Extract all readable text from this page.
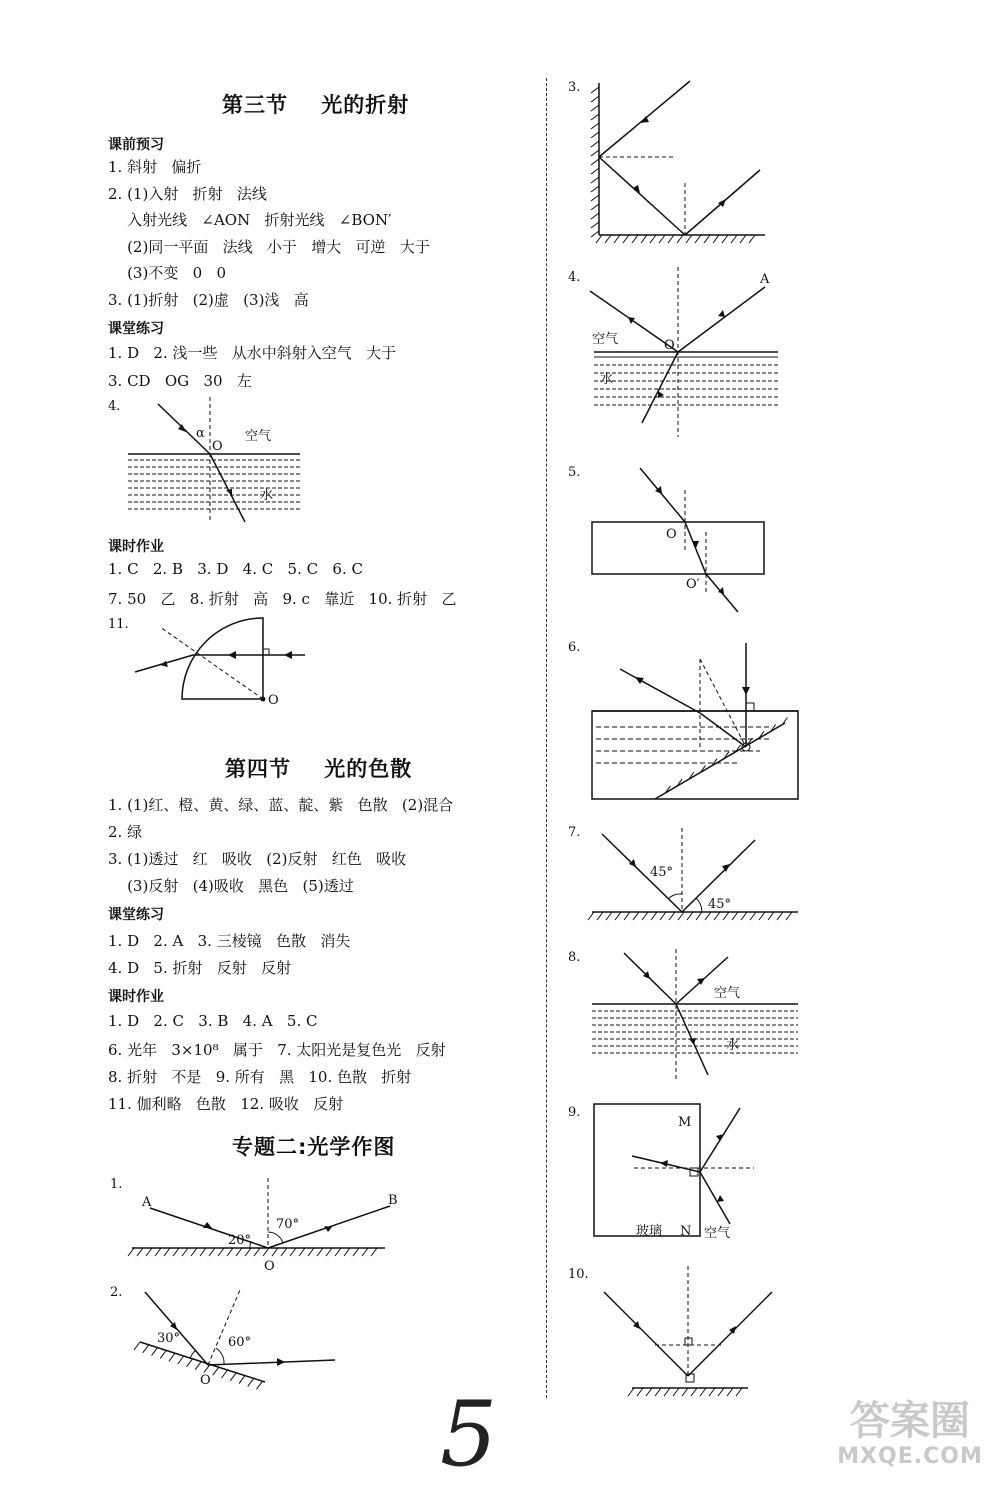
第三节    光的折射
课前预习
1. 斜射   偏折
2. (1)入射   折射   法线
入射光线   ∠AON   折射光线   ∠BON′
(2)同一平面   法线   小于   增大   可逆   大于
(3)不变   0   0
3. (1)折射   (2)虚   (3)浅   高
课堂练习
1. D   2. 浅一些   从水中斜射入空气   大于
3. CD   OG   30   左
4.
α
O
空气
水
课时作业
1. C   2. B   3. D   4. C   5. C   6. C
7. 50   乙   8. 折射   高   9. c   靠近   10. 折射   乙
11.
O
第四节    光的色散
1. (1)红、橙、黄、绿、蓝、靛、紫   色散   (2)混合
2. 绿
3. (1)透过   红   吸收   (2)反射   红色   吸收
(3)反射   (4)吸收   黑色   (5)透过
课堂练习
1. D   2. A   3. 三棱镜   色散   消失
4. D   5. 折射   反射   反射
课时作业
1. D   2. C   3. B   4. A   5. C
6. 光年   3×10⁸   属于   7. 太阳光是复色光   反射
8. 折射   不是   9. 所有   黑   10. 色散   折射
11. 伽利略   色散   12. 吸收   反射
专题二:光学作图
1.
A	B
O
20°
70°
2.
30°	60°
O
3.
4.	A
空气	O
水
5.
O
O′
6.
7.
45°
45°
8.
空气
水
9.
M
玻璃 N 空气
10.
5	答案圈
MXQE.COM
